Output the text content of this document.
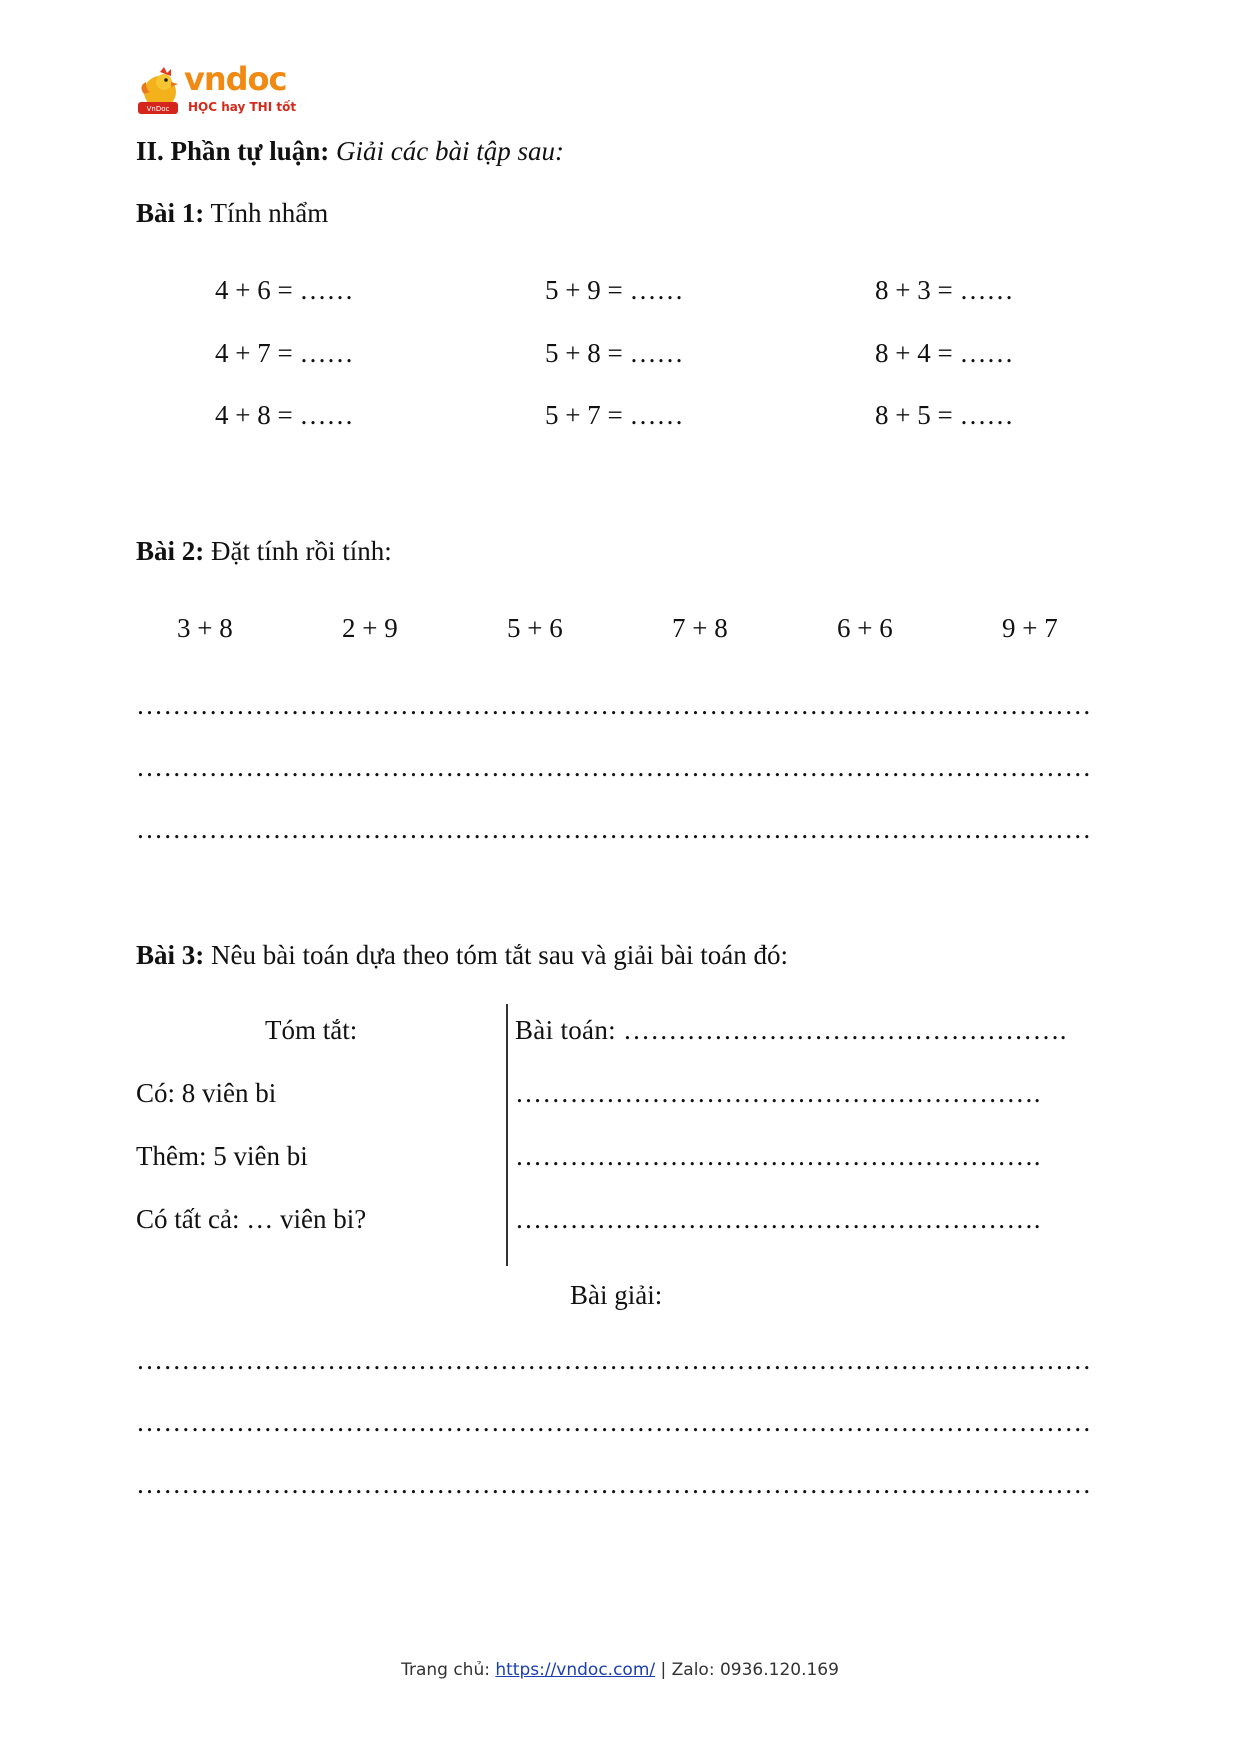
VnDoc
vndoc
HỌC hay THI tốt
II. Phần tự luận: Giải các bài tập sau:
Bài 1: Tính nhẩm
4 + 6 = ……	5 + 9 = ……	8 + 3 = ……
4 + 7 = ……	5 + 8 = ……	8 + 4 = ……
4 + 8 = ……	5 + 7 = ……	8 + 5 = ……
Bài 2: Đặt tính rồi tính:
3 + 8	2 + 9	5 + 6	7 + 8	6 + 6	9 + 7
……………………………………………………………………………………………
……………………………………………………………………………………………
……………………………………………………………………………………………
Bài 3: Nêu bài toán dựa theo tóm tắt sau và giải bài toán đó:
Tóm tắt:
Có: 8 viên bi
Thêm: 5 viên bi
Có tất cả: … viên bi?
Bài toán: ………………………………………….
………………………………………………….
………………………………………………….
………………………………………………….
Bài giải:
……………………………………………………………………………………………
……………………………………………………………………………………………
……………………………………………………………………………………………
Trang chủ: https://vndoc.com/ | Zalo: 0936.120.169
